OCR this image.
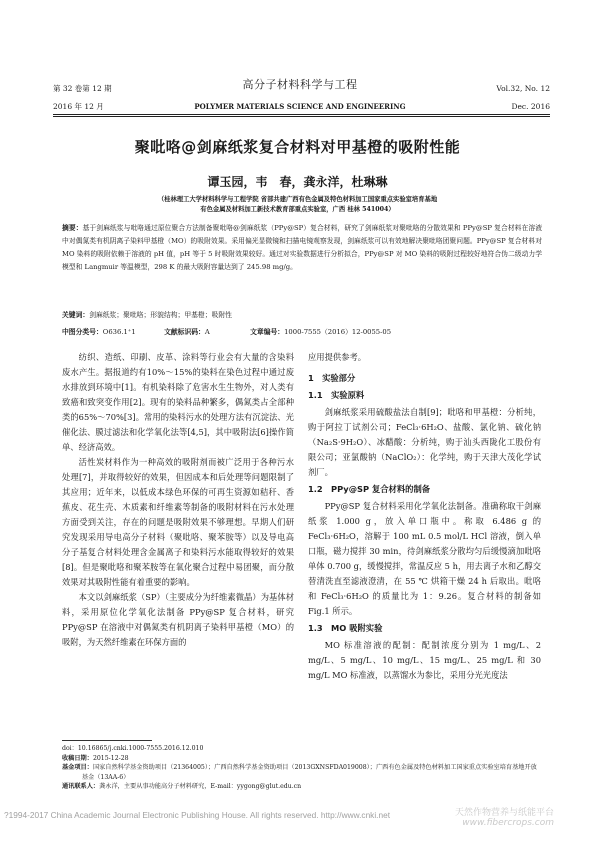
第 32 卷第 12 期
2016 年 12 月
高分子材料科学与工程
POLYMER MATERIALS SCIENCE AND ENGINEERING
Vol.32, No. 12
Dec. 2016
聚吡咯@剑麻纸浆复合材料对甲基橙的吸附性能
谭玉园，韦　春，龚永洋，杜琳琳
（桂林理工大学材料科学与工程学院 省部共建广西有色金属及特色材料加工国家重点实验室培育基地
有色金属及材料加工新技术教育部重点实验室，广西 桂林 541004）
摘要：基于剑麻纸浆与吡咯通过原位聚合方法制备聚吡咯@剑麻纸浆（PPy@SP）复合材料，研究了剑麻纸浆对聚吡咯的分散效果和 PPy@SP 复合材料在溶液中对偶氮类有机阴离子染料甲基橙（MO）的吸附效果。采用偏光显微镜和扫描电镜观察发现，剑麻纸浆可以有效地解决聚吡咯团聚问题。PPy@SP 复合材料对 MO 染料的吸附依赖于溶液的 pH 值，pH 等于 5 时吸附效果较好。通过对实验数据进行分析拟合，PPy@SP 对 MO 染料的吸附过程较好地符合伪二级动力学模型和 Langmuir 等温模型，298 K 的最大吸附容量达到了 245.98 mg/g。
关键词：剑麻纸浆；聚吡咯；形貌结构；甲基橙；吸附性
中图分类号：O636.1⁺1	文献标识码：A	文章编号：1000-7555（2016）12-0055-05

纺织、造纸、印刷、皮革、涂料等行业会有大量的含染料废水产生。据报道约有10%～15%的染料在染色过程中通过废水排放到环境中[1]。有机染料除了危害水生生物外，对人类有致癌和致突变作用[2]。现有的染料品种繁多，偶氮类占全部种类的65%～70%[3]。常用的染料污水的处理方法有沉淀法、光催化法、膜过滤法和化学氧化法等[4,5]，其中吸附法[6]操作简单、经济高效。

活性炭材料作为一种高效的吸附剂而被广泛用于各种污水处理[7]，并取得较好的效果，但因成本和后处理等问题限制了其应用；近年来，以低成本绿色环保的可再生资源如秸秆、香蕉皮、花生壳、木质素和纤维素等制备的吸附材料在污水处理方面受到关注，存在的问题是吸附效果不够理想。早期人们研究发现采用导电高分子材料（聚吡咯、聚苯胺等）以及导电高分子基复合材料处理含金属离子和染料污水能取得较好的效果[8]。但是聚吡咯和聚苯胺等在氧化聚合过程中易团聚，而分散效果对其吸附性能有着重要的影响。

本文以剑麻纸浆（SP）（主要成分为纤维素微晶）为基体材料，采用原位化学氧化法制备 PPy@SP 复合材料，研究 PPy@SP 在溶液中对偶氮类有机阴离子染料甲基橙（MO）的吸附，为天然纤维素在环保方面的

应用提供参考。
1　实验部分
1.1　实验原料

剑麻纸浆采用硫酸盐法自制[9]；吡咯和甲基橙：分析纯，购于阿拉丁试剂公司；FeCl₃·6H₂O、盐酸、氯化钠、硫化钠（Na₂S·9H₂O）、冰醋酸：分析纯，购于汕头西陇化工股份有限公司；亚氯酸钠（NaClO₂）：化学纯，购于天津大茂化学试剂厂。

1.2　PPy@SP 复合材料的制备

PPy@SP 复合材料采用化学氧化法制备。准确称取干剑麻纸浆 1.000 g，放入单口瓶中。称取 6.486 g 的 FeCl₃·6H₂O，溶解于 100 mL 0.5 mol/L HCl 溶液，倒入单口瓶，磁力搅拌 30 min，待剑麻纸浆分散均匀后缓慢滴加吡咯单体 0.700 g，缓慢搅拌，常温反应 5 h，用去离子水和乙醇交替清洗直至滤液澄清，在 55 ℃ 烘箱干燥 24 h 后取出。吡咯和 FeCl₃·6H₂O 的质量比为 1：9.26。复合材料的制备如 Fig.1 所示。

1.3　MO 吸附实验

MO 标准溶液的配制：配制浓度分别为 1 mg/L、2 mg/L、5 mg/L、10 mg/L、15 mg/L、25 mg/L 和 30 mg/L MO 标准液，以蒸馏水为参比，采用分光光度法

doi：10.16865/j.cnki.1000-7555.2016.12.010
收稿日期：2015-12-28
基金项目：国家自然科学基金资助项目（21364005）；广西自然科学基金资助项目（2013GXNSFDA019008）；广西有色金属及特色材料加工国家重点实验室培育基地开放基金（13AA-6）
通讯联系人：龚永洋，主要从事功能高分子材料研究，E-mail：yygong@glut.edu.cn
?1994-2017 China Academic Journal Electronic Publishing House. All rights reserved. http://www.cnki.net	天然作物营养与纸能平台
www.fibercrops.com
